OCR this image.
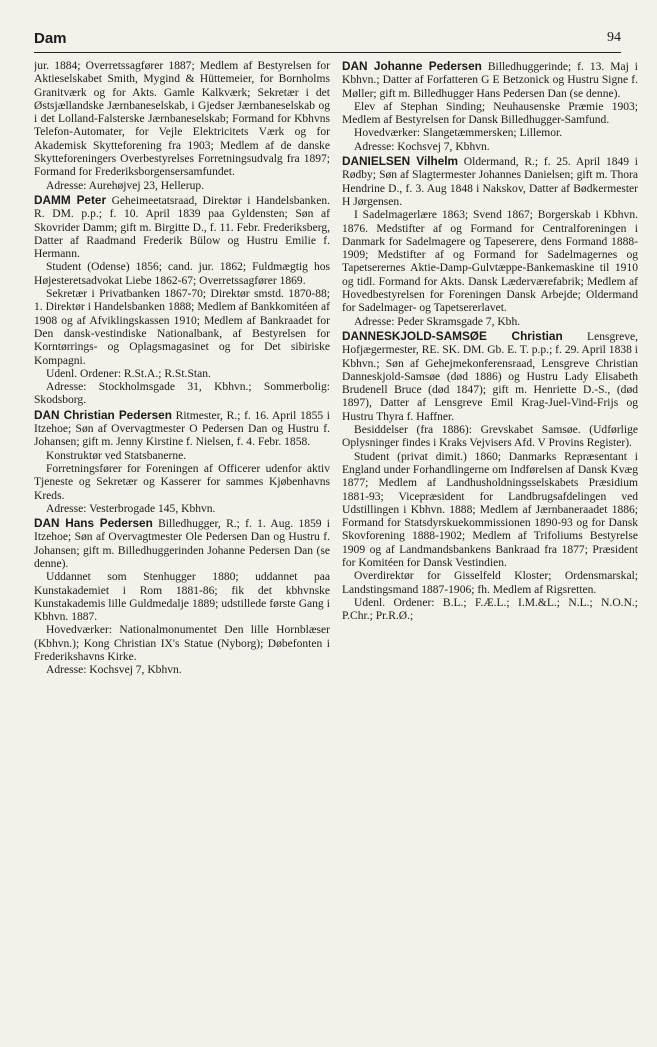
Dam	94

jur. 1884; Overretssagfører 1887; Medlem af Bestyrelsen for Aktieselskabet Smith, Mygind & Hüttemeier, for Bornholms Granitværk og for Akts. Gamle Kalkværk; Sekretær i det Østsjællandske Jærnbaneselskab, i Gjedser Jærnbaneselskab og i det Lolland-Falsterske Jærnbaneselskab; Formand for Kbhvns Telefon-Automater, for Vejle Elektricitets Værk og for Akademisk Skytteforening fra 1903; Medlem af de danske Skytteforeningers Overbestyrelses Forretningsudvalg fra 1897; Formand for Frederiksborgensersamfundet.

Adresse: Aurehøjvej 23, Hellerup.

DAMM Peter Geheimeetatsraad, Direktør i Handelsbanken. R. DM. p.p.; f. 10. April 1839 paa Gyldensten; Søn af Skovrider Damm; gift m. Birgitte D., f. 11. Febr. Frederiksberg, Datter af Raadmand Frederik Bülow og Hustru Emilie f. Hermann.

Student (Odense) 1856; cand. jur. 1862; Fuldmægtig hos Højesteretsadvokat Liebe 1862-67; Overretssagfører 1869.

Sekretær i Privatbanken 1867-70; Direktør smstd. 1870-88; 1. Direktør i Handelsbanken 1888; Medlem af Bankkomitéen af 1908 og af Afviklingskassen 1910; Medlem af Bankraadet for Den dansk-vestindiske Nationalbank, af Bestyrelsen for Korntørrings- og Oplagsmagasinet og for Det sibiriske Kompagni.

Udenl. Ordener: R.St.A.; R.St.Stan.

Adresse: Stockholmsgade 31, Kbhvn.; Sommerbolig: Skodsborg.

DAN Christian Pedersen Ritmester, R.; f. 16. April 1855 i Itzehoe; Søn af Overvagtmester O Pedersen Dan og Hustru f. Johansen; gift m. Jenny Kirstine f. Nielsen, f. 4. Febr. 1858.

Konstruktør ved Statsbanerne.

Forretningsfører for Foreningen af Officerer udenfor aktiv Tjeneste og Sekretær og Kasserer for sammes Kjøbenhavns Kreds.

Adresse: Vesterbrogade 145, Kbhvn.

DAN Hans Pedersen Billedhugger, R.; f. 1. Aug. 1859 i Itzehoe; Søn af Overvagtmester Ole Pedersen Dan og Hustru f. Johansen; gift m. Billedhuggerinden Johanne Pedersen Dan (se denne).

Uddannet som Stenhugger 1880; uddannet paa Kunstakademiet i Rom 1881-86; fik det kbhvnske Kunstakademis lille Guldmedalje 1889; udstillede første Gang i Kbhvn. 1887.

Hovedværker: Nationalmonumentet Den lille Hornblæser (Kbhvn.); Kong Christian IX's Statue (Nyborg); Døbefonten i Frederikshavns Kirke.

Adresse: Kochsvej 7, Kbhvn.

DAN Johanne Pedersen Billedhuggerinde; f. 13. Maj i Kbhvn.; Datter af Forfatteren G E Betzonick og Hustru Signe f. Møller; gift m. Billedhugger Hans Pedersen Dan (se denne).

Elev af Stephan Sinding; Neuhausenske Præmie 1903; Medlem af Bestyrelsen for Dansk Billedhugger-Samfund.

Hovedværker: Slangetæmmersken; Lillemor.

Adresse: Kochsvej 7, Kbhvn.

DANIELSEN Vilhelm Oldermand, R.; f. 25. April 1849 i Rødby; Søn af Slagtermester Johannes Danielsen; gift m. Thora Hendrine D., f. 3. Aug 1848 i Nakskov, Datter af Bødkermester H Jørgensen.

I Sadelmagerlære 1863; Svend 1867; Borgerskab i Kbhvn. 1876. Medstifter af og Formand for Centralforeningen i Danmark for Sadelmagere og Tapeserere, dens Formand 1888-1909; Medstifter af og Formand for Sadelmagernes og Tapetserernes Aktie-Damp-Gulvtæppe-Bankemaskine til 1910 og tidl. Formand for Akts. Dansk Læderværefabrik; Medlem af Hovedbestyrelsen for Foreningen Dansk Arbejde; Oldermand for Sadelmager- og Tapetsererlavet.

Adresse: Peder Skramsgade 7, Kbh.

DANNESKJOLD-SAMSØE Christian Lensgreve, Hofjægermester, RE. SK. DM. Gb. E. T. p.p.; f. 29. April 1838 i Kbhvn.; Søn af Gehejmekonferensraad, Lensgreve Christian Danneskjold-Samsøe (død 1886) og Hustru Lady Elisabeth Brudenell Bruce (død 1847); gift m. Henriette D.-S., (død 1897), Datter af Lensgreve Emil Krag-Juel-Vind-Frijs og Hustru Thyra f. Haffner.

Besiddelser (fra 1886): Grevskabet Samsøe. (Udførlige Oplysninger findes i Kraks Vejvisers Afd. V Provins Register).

Student (privat dimit.) 1860; Danmarks Repræsentant i England under Forhandlingerne om Indførelsen af Dansk Kvæg 1877; Medlem af Landhusholdningsselskabets Præsidium 1881-93; Vicepræsident for Landbrugsafdelingen ved Udstillingen i Kbhvn. 1888; Medlem af Jærnbaneraadet 1886; Formand for Statsdyrskuekommissionen 1890-93 og for Dansk Skovforening 1888-1902; Medlem af Trifoliums Bestyrelse 1909 og af Landmandsbankens Bankraad fra 1877; Præsident for Komitéen for Dansk Vestindien.

Overdirektør for Gisselfeld Kloster; Ordensmarskal; Landstingsmand 1887-1906; fh. Medlem af Rigsretten.

Udenl. Ordener: B.L.; F.Æ.L.; I.M.&L.; N.L.; N.O.N.; P.Chr.; Pr.R.Ø.;
